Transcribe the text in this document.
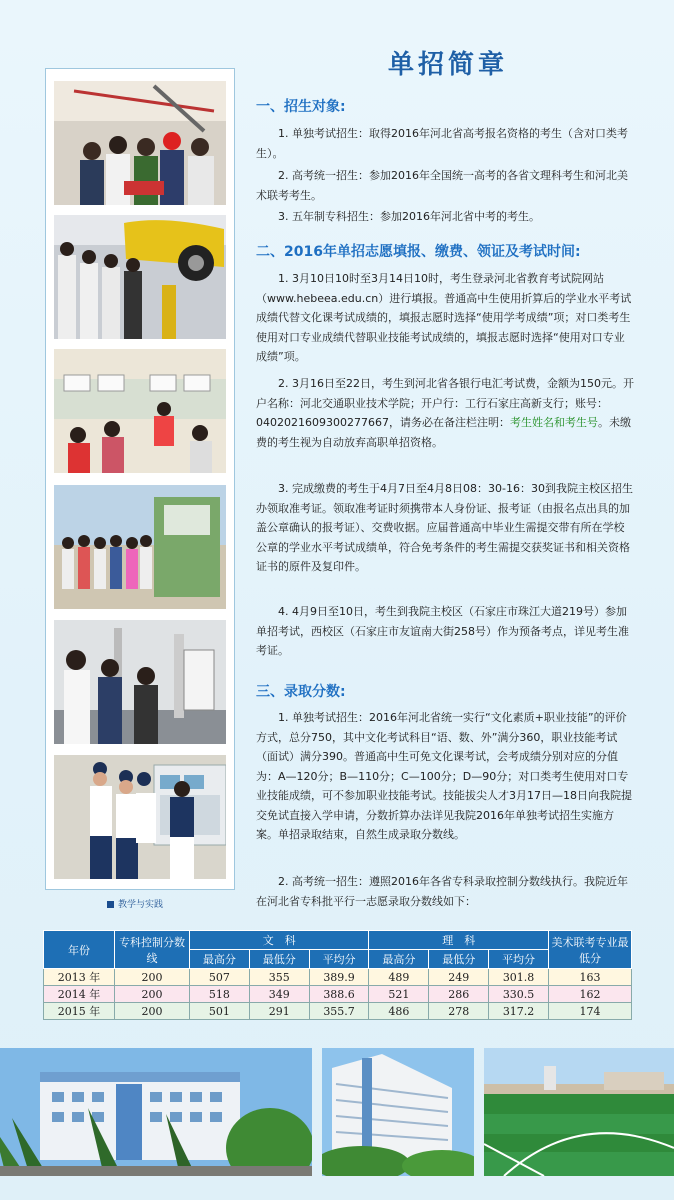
教学与实践
单招简章
一、招生对象:

1. 单独考试招生：取得2016年河北省高考报名资格的考生（含对口类考生）。

2. 高考统一招生：参加2016年全国统一高考的各省文理科考生和河北美术联考考生。

3. 五年制专科招生：参加2016年河北省中考的考生。

二、2016年单招志愿填报、缴费、领证及考试时间:

1. 3月10日10时至3月14日10时，考生登录河北省教育考试院网站（www.hebeea.edu.cn）进行填报。普通高中生使用折算后的学业水平考试成绩代替文化课考试成绩的，填报志愿时选择“使用学考成绩”项；对口类考生使用对口专业成绩代替职业技能考试成绩的，填报志愿时选择“使用对口专业成绩”项。

2. 3月16日至22日，考生到河北省各银行电汇考试费，金额为150元。开户名称：河北交通职业技术学院；开户行：工行石家庄高新支行；账号：0402021609300277667，请务必在备注栏注明：考生姓名和考生号。未缴费的考生视为自动放弃高职单招资格。

3. 完成缴费的考生于4月7日至4月8日08：30-16：30到我院主校区招生办领取准考证。领取准考证时须携带本人身份证、报考证（由报名点出具的加盖公章确认的报考证）、交费收据。应届普通高中毕业生需提交带有所在学校公章的学业水平考试成绩单，符合免考条件的考生需提交获奖证书和相关资格证书的原件及复印件。

4. 4月9日至10日，考生到我院主校区（石家庄市珠江大道219号）参加单招考试，西校区（石家庄市友谊南大街258号）作为预备考点，详见考生准考证。

三、录取分数:

1. 单独考试招生：2016年河北省统一实行“文化素质+职业技能”的评价方式，总分750，其中文化考试科目“语、数、外”满分360，职业技能考试（面试）满分390。普通高中生可免文化课考试，会考成绩分别对应的分值为：A—120分；B—110分；C—100分；D—90分；对口类考生使用对口专业技能成绩，可不参加职业技能考试。技能拔尖人才3月17日—18日向我院提交免试直接入学申请，分数折算办法详见我院2016年单独考试招生实施方案。单招录取结束，自然生成录取分数线。

2. 高考统一招生：遵照2016年各省专科录取控制分数线执行。我院近年在河北省专科批平行一志愿录取分数线如下：

年份	专科控制分数线	文　科			理　科			美术联考专业最低分
		最高分	最低分	平均分	最高分	最低分	平均分	
2013 年	200	507	355	389.9	489	249	301.8	163
2014 年	200	518	349	388.6	521	286	330.5	162
2015 年	200	501	291	355.7	486	278	317.2	174
